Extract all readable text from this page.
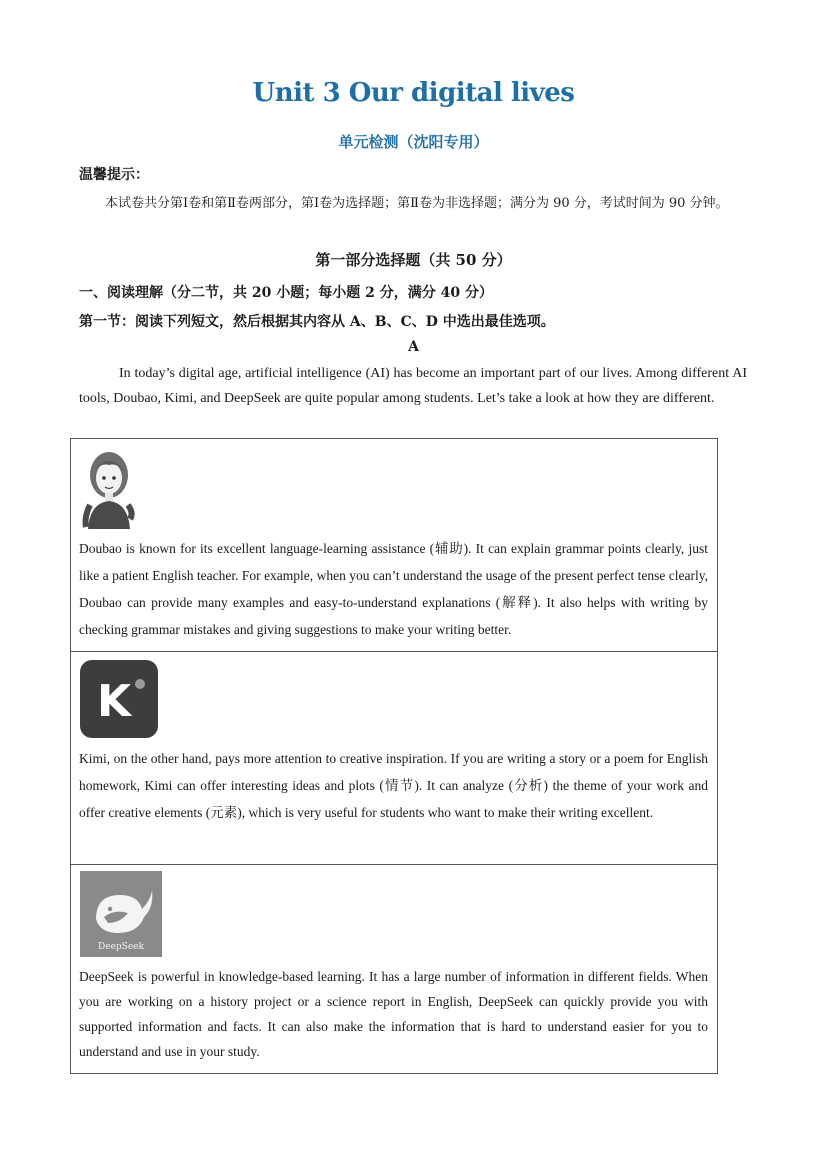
Unit 3 Our digital lives
单元检测（沈阳专用）
温馨提示：
本试卷共分第Ⅰ卷和第Ⅱ卷两部分，第Ⅰ卷为选择题；第Ⅱ卷为非选择题；满分为 90 分，考试时间为 90 分钟。
第一部分选择题（共 50 分）
一、阅读理解（分二节，共 20 小题；每小题 2 分，满分 40 分）
第一节：阅读下列短文，然后根据其内容从 A、B、C、D 中选出最佳选项。
A
In today’s digital age, artificial intelligence (AI) has become an important part of our lives. Among different AI tools, Doubao, Kimi, and DeepSeek are quite popular among students. Let’s take a look at how they are different.
Doubao is known for its excellent language-learning assistance (辅助). It can explain grammar points clearly, just like a patient English teacher. For example, when you can’t understand the usage of the present perfect tense clearly, Doubao can provide many examples and easy-to-understand explanations (解释). It also helps with writing by checking grammar mistakes and giving suggestions to make your writing better.
K
Kimi, on the other hand, pays more attention to creative inspiration. If you are writing a story or a poem for English homework, Kimi can offer interesting ideas and plots (情节). It can analyze (分析) the theme of your work and offer creative elements (元素), which is very useful for students who want to make their writing excellent.
DeepSeek
DeepSeek is powerful in knowledge-based learning. It has a large number of information in different fields. When you are working on a history project or a science report in English, DeepSeek can quickly provide you with supported information and facts. It can also make the information that is hard to understand easier for you to understand and use in your study.
